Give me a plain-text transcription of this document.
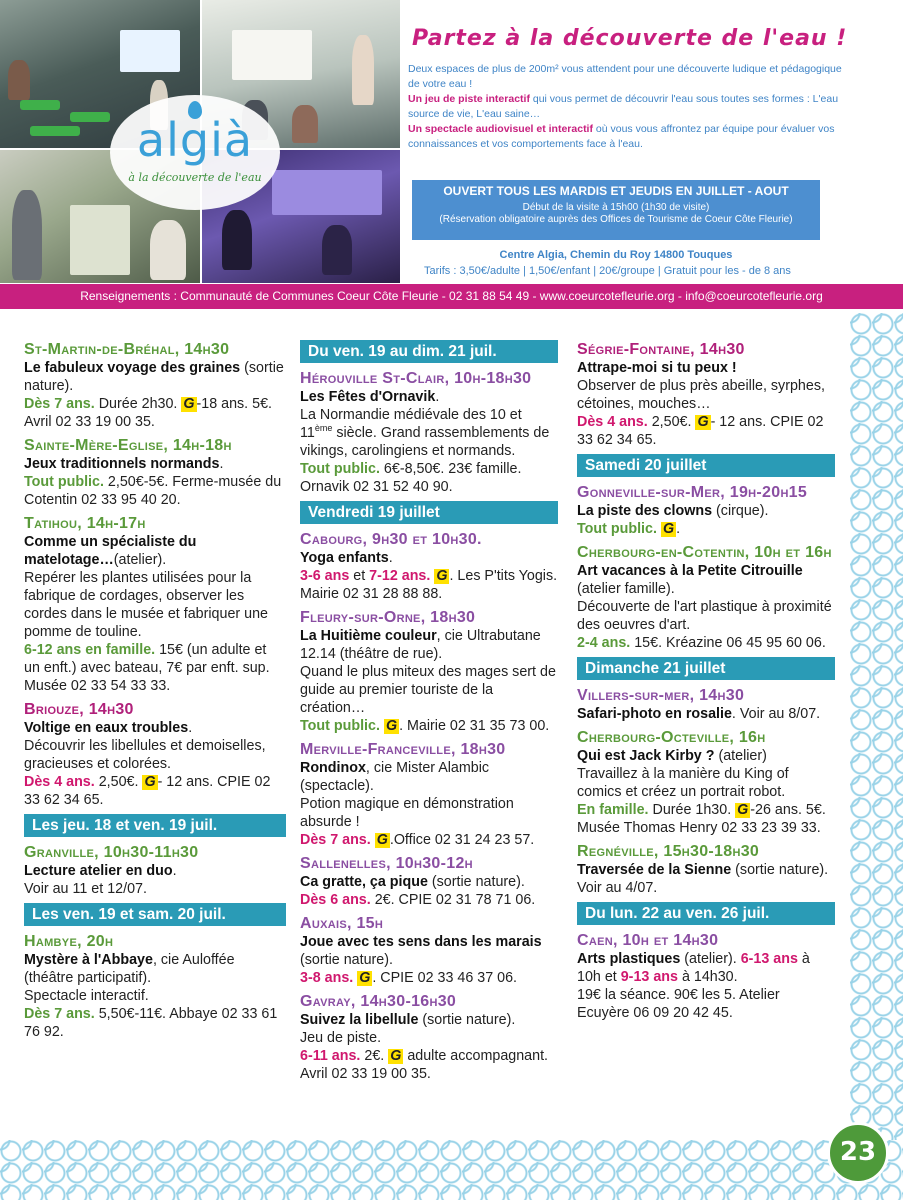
algià
à la découverte de l'eau
Partez à la découverte de l'eau !

Deux espaces de plus de 200m² vous attendent pour une découverte ludique et pédagogique de votre eau !

Un jeu de piste interactif qui vous permet de découvrir l'eau sous toutes ses formes : L'eau source de vie, L'eau saine…

Un spectacle audiovisuel et interactif où vous vous affrontez par équipe pour évaluer vos connaissances et vos comportements face à l'eau.

OUVERT TOUS LES MARDIS ET JEUDIS EN JUILLET - AOUT
Début de la visite à 15h00 (1h30 de visite)
(Réservation obligatoire auprès des Offices de Tourisme de Coeur Côte Fleurie)
Centre Algia, Chemin du Roy 14800 Touques
Tarifs : 3,50€/adulte | 1,50€/enfant | 20€/groupe | Gratuit pour les - de 8 ans
Renseignements : Communauté de Communes Coeur Côte Fleurie - 02 31 88 54 49 - www.coeurcotefleurie.org - info@coeurcotefleurie.org
23
St-Martin-de-Bréhal, 14h30
Le fabuleux voyage des graines (sortie nature).
Dès 7 ans. Durée 2h30. G -18 ans. 5€. Avril 02 33 19 00 35.
Sainte-Mère-Eglise, 14h-18h
Jeux traditionnels normands.
Tout public. 2,50€-5€. Ferme-musée du Cotentin 02 33 95 40 20.
Tatihou, 14h-17h
Comme un spécialiste du matelotage…(atelier).
Repérer les plantes utilisées pour la fabrique de cordages, observer les cordes dans le musée et fabriquer une pomme de touline.
6-12 ans en famille. 15€ (un adulte et un enft.) avec bateau, 7€ par enft. sup. Musée 02 33 54 33 33.
Briouze, 14h30
Voltige en eaux troubles.
Découvrir les libellules et demoiselles, gracieuses et colorées.
Dès 4 ans. 2,50€. G - 12 ans. CPIE 02 33 62 34 65.
Les jeu. 18 et ven. 19 juil.
Granville, 10h30-11h30
Lecture atelier en duo.
Voir au 11 et 12/07.
Les ven. 19 et sam. 20 juil.
Hambye, 20h
Mystère à l'Abbaye, cie Auloffée (théâtre participatif).
Spectacle interactif.
Dès 7 ans. 5,50€-11€. Abbaye 02 33 61 76 92.
Du ven. 19 au dim. 21 juil.
Hérouville St-Clair, 10h-18h30
Les Fêtes d'Ornavik.
La Normandie médiévale des 10 et 11ème siècle. Grand rassemblements de vikings, carolingiens et normands.
Tout public. 6€-8,50€. 23€ famille. Ornavik 02 31 52 40 90.
Vendredi 19 juillet
Cabourg, 9h30 et 10h30.
Yoga enfants.
3-6 ans et 7-12 ans. G . Les P'tits Yogis. Mairie 02 31 28 88 88.
Fleury-sur-Orne, 18h30
La Huitième couleur, cie Ultrabutane 12.14 (théâtre de rue).
Quand le plus miteux des mages sert de guide au premier touriste de la création…
Tout public. G . Mairie 02 31 35 73 00.
Merville-Franceville, 18h30
Rondinox, cie Mister Alambic (spectacle).
Potion magique en démonstration absurde !
Dès 7 ans. G .Office 02 31 24 23 57.
Sallenelles, 10h30-12h
Ca gratte, ça pique (sortie nature).
Dès 6 ans. 2€. CPIE 02 31 78 71 06.
Auxais, 15h
Joue avec tes sens dans les marais (sortie nature).
3-8 ans. G . CPIE 02 33 46 37 06.
Gavray, 14h30-16h30
Suivez la libellule (sortie nature).
Jeu de piste.
6-11 ans. 2€. G adulte accompagnant. Avril 02 33 19 00 35.
Ségrie-Fontaine, 14h30
Attrape-moi si tu peux !
Observer de plus près abeille, syrphes, cétoines, mouches…
Dès 4 ans. 2,50€. G - 12 ans. CPIE 02 33 62 34 65.
Samedi 20 juillet
Gonneville-sur-Mer, 19h-20h15
La piste des clowns (cirque).
Tout public. G .
Cherbourg-en-Cotentin, 10h et 16h
Art vacances à la Petite Citrouille
(atelier famille).
Découverte de l'art plastique à proximité des oeuvres d'art.
2-4 ans. 15€. Kréazine 06 45 95 60 06.
Dimanche 21 juillet
Villers-sur-mer, 14h30
Safari-photo en rosalie. Voir au 8/07.
Cherbourg-Octeville, 16h
Qui est Jack Kirby ? (atelier)
Travaillez à la manière du King of comics et créez un portrait robot.
En famille. Durée 1h30. G -26 ans. 5€. Musée Thomas Henry 02 33 23 39 33.
Regnéville, 15h30-18h30
Traversée de la Sienne (sortie nature).
Voir au 4/07.
Du lun. 22 au ven. 26 juil.
Caen, 10h et 14h30
Arts plastiques (atelier). 6-13 ans à 10h et 9-13 ans à 14h30.
19€ la séance. 90€ les 5. Atelier Ecuyère 06 09 20 42 45.
